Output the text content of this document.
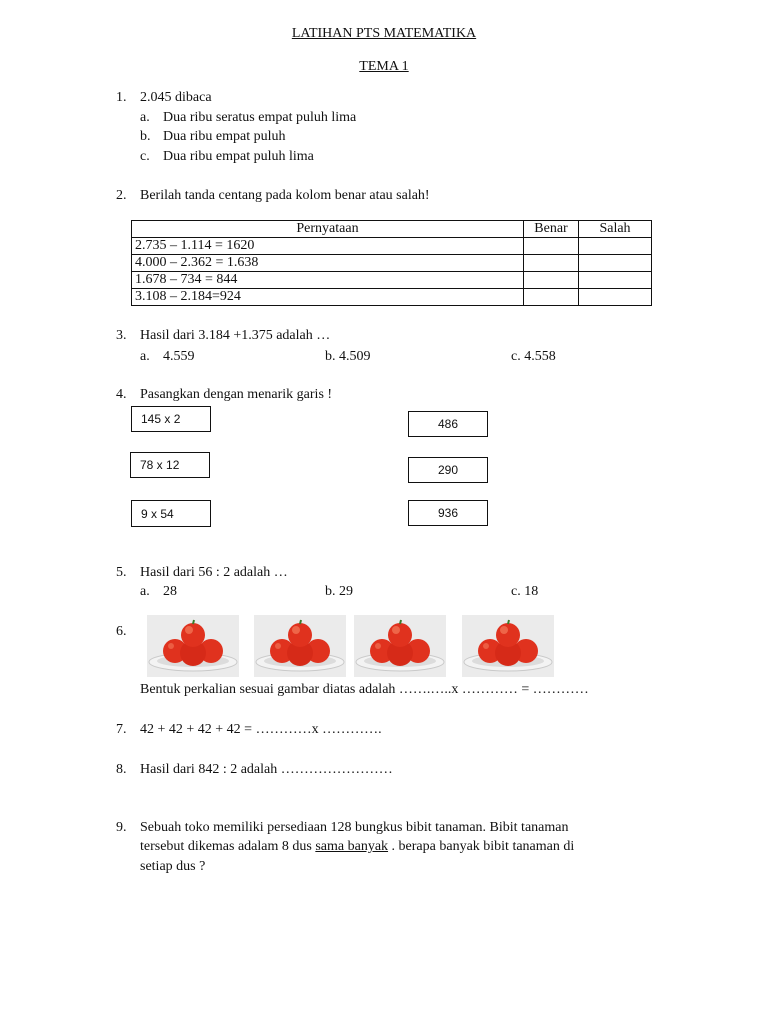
LATIHAN PTS MATEMATIKA
TEMA 1
1. 2.045 dibaca
a. Dua ribu seratus empat puluh lima
b. Dua ribu empat puluh
c. Dua ribu empat puluh lima
2. Berilah tanda centang pada kolom benar atau salah!
Pernyataan	Benar	Salah
2.735 – 1.114 = 1620		
4.000 – 2.362 = 1.638		
1.678 – 734 = 844		
3.108 – 2.184=924		
3. Hasil dari 3.184 +1.375 adalah …
a. 4.559	b. 4.509	c. 4.558
4. Pasangkan dengan menarik garis !
145 x 2
78 x 12
9 x 54
486
290
936
5. Hasil dari 56 : 2 adalah …
a. 28	b. 29	c. 18
6.
Bentuk perkalian sesuai gambar diatas adalah …….…..x ………… = …………
7. 42 + 42 + 42 + 42 = …………x ………….
8. Hasil dari 842 : 2 adalah ……………………
9. Sebuah toko memiliki persediaan 128 bungkus bibit tanaman. Bibit tanaman
tersebut dikemas adalam 8 dus sama banyak . berapa banyak bibit tanaman di
setiap dus ?
